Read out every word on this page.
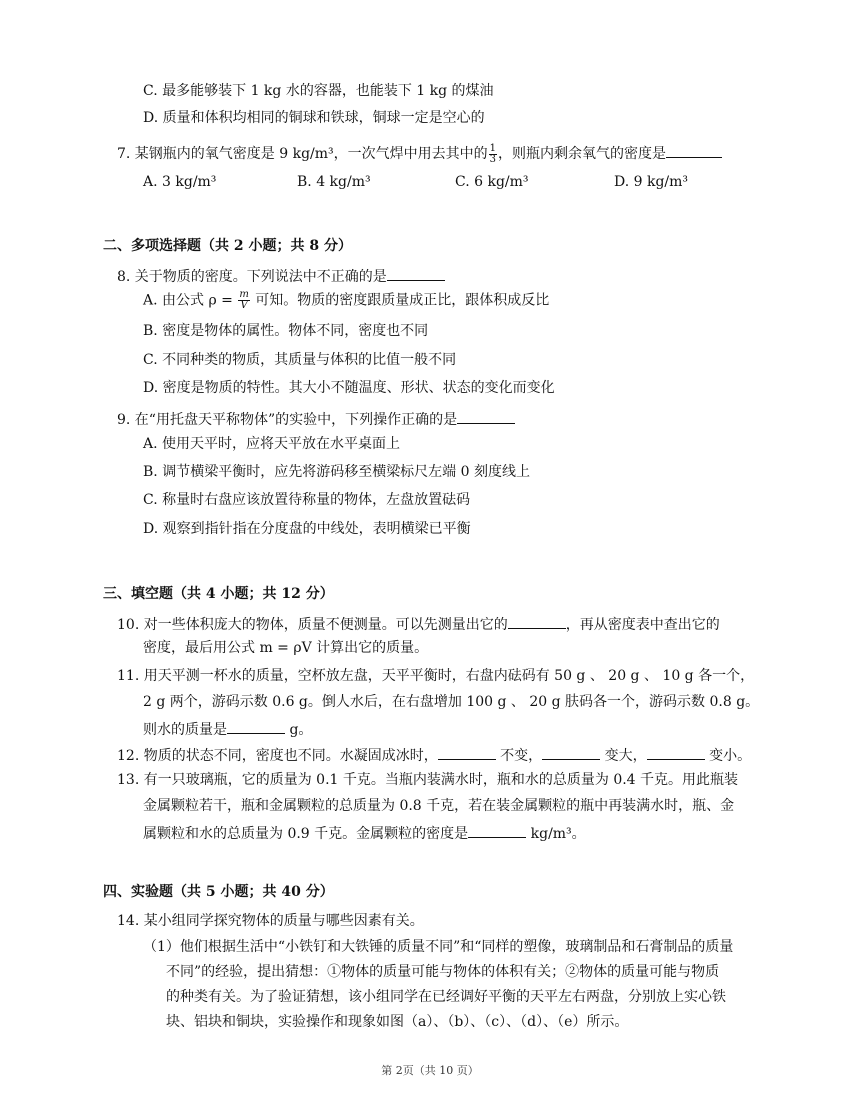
C. 最多能够装下 1 kg 水的容器，也能装下 1 kg 的煤油
D. 质量和体积均相同的铜球和铁球，铜球一定是空心的
7. 某钢瓶内的氧气密度是 9 kg/m³，一次气焊中用去其中的 $\frac{1}{3}$ ，则瓶内剩余氧气的密度是
A. 3 kg/m³	B. 4 kg/m³	C. 6 kg/m³	D. 9 kg/m³
二、多项选择题（共 2 小题；共 8 分）
8. 关于物质的密度。下列说法中不正确的是
A. 由公式 $\rho = \frac{m}{V}$ 可知。物质的密度跟质量成正比，跟体积成反比
B. 密度是物体的属性。物体不同，密度也不同
C. 不同种类的物质，其质量与体积的比值一般不同
D. 密度是物质的特性。其大小不随温度、形状、状态的变化而变化
9. 在“用托盘天平称物体”的实验中，下列操作正确的是
A. 使用天平时，应将天平放在水平桌面上
B. 调节横梁平衡时，应先将游码移至横梁标尺左端 0 刻度线上
C. 称量时右盘应该放置待称量的物体，左盘放置砝码
D. 观察到指针指在分度盘的中线处，表明横梁已平衡
三、填空题（共 4 小题；共 12 分）
10. 对一些体积庞大的物体，质量不便测量。可以先测量出它的	，再从密度表中查出它的
密度，最后用公式 m = ρV 计算出它的质量。
11. 用天平测一杯水的质量，空杯放左盘，天平平衡时，右盘内砝码有 50 g 、 20 g 、 10 g 各一个，
2 g 两个，游码示数 0.6 g。倒人水后，在右盘增加 100 g 、 20 g 肤码各一个，游码示数 0.8 g。
则水的质量是	g。
12. 物质的状态不同，密度也不同。水凝固成冰时，	不变，	变大，	变小。
13. 有一只玻璃瓶，它的质量为 0.1 千克。当瓶内装满水时，瓶和水的总质量为 0.4 千克。用此瓶装
金属颗粒若干，瓶和金属颗粒的总质量为 0.8 千克，若在装金属颗粒的瓶中再装满水时，瓶、金
属颗粒和水的总质量为 0.9 千克。金属颗粒的密度是	kg/m³。
四、实验题（共 5 小题；共 40 分）
14. 某小组同学探究物体的质量与哪些因素有关。
（1）他们根据生活中“小铁钉和大铁锤的质量不同”和“同样的塑像，玻璃制品和石膏制品的质量
不同”的经验，提出猜想：①物体的质量可能与物体的体积有关；②物体的质量可能与物质
的种类有关。为了验证猜想，该小组同学在已经调好平衡的天平左右两盘，分别放上实心铁
块、铝块和铜块，实验操作和现象如图（a）、（b）、（c）、（d）、（e）所示。
第 2页（共 10 页）
